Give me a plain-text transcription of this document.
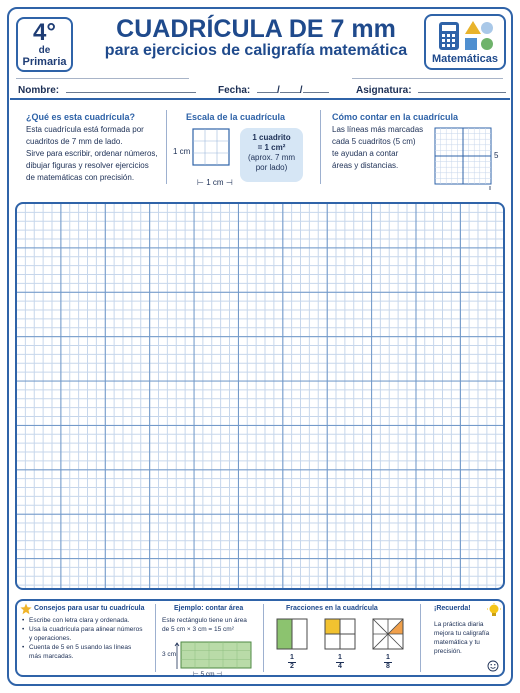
4°
de
Primaria
CUADRÍCULA DE 7 mm
para ejercicios de caligrafía matemática	Matemáticas
Nombre:	Fecha:	/ /	Asignatura:
¿Qué es esta cuadrícula?
Esta cuadrícula está formada por
cuadritos de 7 mm de lado.
Sirve para escribir, ordenar números,
dibujar figuras y resolver ejercicios
de matemáticas con precisión.
Escala de la cuadrícula
1 cm
⊢ 1 cm ⊣
1 cuadrito
= 1 cm²
(aprox. 7 mm
por lado)
Cómo contar en la cuadrícula
Las líneas más marcadas
cada 5 cuadritos (5 cm)
te ayudan a contar
áreas y distancias.
5
Consejos para usar tu cuadrícula
• Escribe con letra clara y ordenada.
• Usa la cuadrícula para alinear números
y operaciones.
• Cuenta de 5 en 5 usando las líneas
más marcadas.
Ejemplo: contar área
Este rectángulo tiene un área
de 5 cm × 3 cm = 15 cm²
3 cm
⊢ 5 cm ⊣
Fracciones en la cuadrícula
1
2
1
4
1
8
¡Recuerda!
La práctica diaria
mejora tu caligrafía
matemática y tu
precisión.
